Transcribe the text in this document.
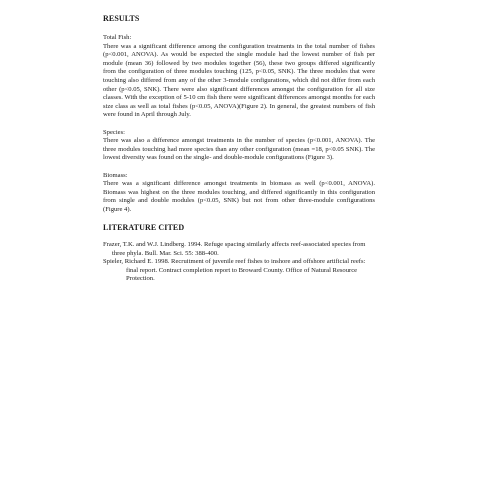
RESULTS
Total Fish:

There was a significant difference among the configuration treatments in the total number of fishes (p<0.001, ANOVA). As would be expected the single module had the lowest number of fish per module (mean 36) followed by two modules together (56), these two groups differed significantly from the configuration of three modules touching (125, p<0.05, SNK). The three modules that were touching also differed from any of the other 3-module configurations, which did not differ from each other (p<0.05, SNK). There were also significant differences amongst the configuration for all size classes. With the exception of 5-10 cm fish there were significant differences amongst months for each size class as well as total fishes (p<0.05, ANOVA)(Figure 2). In general, the greatest numbers of fish were found in April through July.

Species:

There was also a difference amongst treatments in the number of species (p<0.001, ANOVA). The three modules touching had more species than any other configuration (mean =18, p<0.05 SNK). The lowest diversity was found on the single- and double-module configurations (Figure 3).

Biomass:

There was a significant difference amongst treatments in biomass as well (p<0.001, ANOVA). Biomass was highest on the three modules touching, and differed significantly in this configuration from single and double modules (p<0.05, SNK) but not from other three-module configurations (Figure 4).

LITERATURE CITED

Frazer, T.K. and W.J. Lindberg. 1994. Refuge spacing similarly affects reef-associated species from three phyla. Bull. Mar. Sci. 55: 388-400.

Spieler, Richard E. 1998. Recruitment of juvenile reef fishes to inshore and offshore artificial reefs: final report. Contract completion report to Broward County. Office of Natural Resource Protection.
